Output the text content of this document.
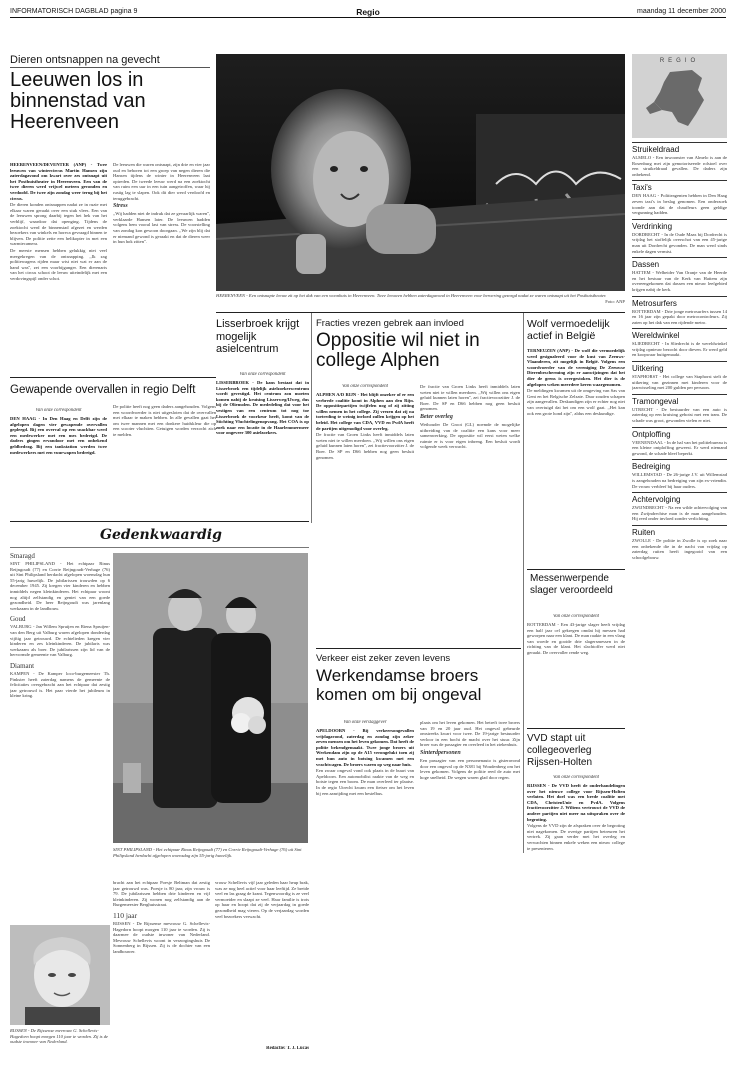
INFORMATORISCH DAGBLAD pagina 9	Regio	maandag 11 december 2000
Dieren ontsnappen na gevecht
Leeuwen los in binnenstad van Heerenveen

HEERENVEEN/DEVENTER (ANP) - Twee leeuwen van wintercircus Martin Hansen zijn zaterdagavond om kwart over zes ontsnapt uit het Posthuistheater in Heerenveen. Een van de twee dieren werd vrijwel meteen gevonden en verdoofd. De twee zijn zondag weer terug bij het circus.

De dieren konden ontsnappen nadat ze in ruzie met elkaar waren geraakt over een stuk vlees. Een van de leeuwen sprong daarbij tegen het hek van het verblijf, waardoor dat openging. Tijdens de zoektocht werd de binnenstad afgezet en werden bezoekers van winkels en horeca gevraagd binnen te blijven. De politie zette een helikopter in met een warmtecamera.

De meeste mensen hebben gelukkig niet veel meegekregen van de ontsnapping. ,,Ik zag politiewagens rijden maar wist niet wat er aan de hand was'', zei een voorbijganger. Een dierenarts van het circus schoot de leeuw uiteindelijk met een verdovingspijl onder schot.

De leeuwen die waren ontsnapt, zijn drie en vier jaar oud en behoren tot een groep van negen dieren die Hansen tijdens de winter in Heerenveen laat optreden. De tweede leeuw werd na een zoektocht van ruim een uur in een tuin aangetroffen, waar hij rustig lag te slapen. Ook dit dier werd verdoofd en teruggebracht.

Stress

,,Wij hadden niet de indruk dat ze gevaarlijk waren'', verklaarde Hansen later. De leeuwen hadden volgens hem vooral last van stress. De voorstelling van zondag kon gewoon doorgaan. ,,We zijn blij dat er niemand gewond is geraakt en dat de dieren weer in hun hok zitten''.

HEERENVEEN - Een ontsnapte leeuw zit op het dak van een woonhuis in Heerenveen. Twee leeuwen hebben zaterdagavond in Heerenveen voor beroering gezorgd nadat ze waren ontsnapt uit het Posthuistheater.
Foto: ANP
Gewapende overvallen in regio Delft
Van onze correspondent

DEN HAAG - In Den Haag en Delft zijn de afgelopen dagen vier gewapende overvallen gepleegd. Bij een overval op een snackbar werd een medewerker met een mes bedreigd. De daders gingen ervandoor met een onbekend geldbedrag. Bij een tankstation werden twee medewerkers met een vuurwapen bedreigd.

De politie heeft nog geen daders aangehouden. Volgens een woordvoerder is niet uitgesloten dat de overvallen met elkaar te maken hebben. In alle gevallen gaat het om twee mannen met een donkere huidskleur die op een scooter vluchtten. Getuigen worden verzocht zich te melden.

Gedenkwaardig

Smaragd

SINT PHILIPSLAND - Het echtpaar Rinus Reijngoudt (77) en Corrie Reijngoudt-Verhage (76) uit Sint Philipsland herdacht afgelopen woensdag hun 55-jarig huwelijk. De jubilarissen trouwden op 6 december 1945. Zij kregen vier kinderen en hebben inmiddels negen kleinkinderen. Het echtpaar woont nog altijd zelfstandig en geniet van een goede gezondheid. De heer Reijngoudt was jarenlang werkzaam in de landbouw.

Goud

VALBURG - Jan Willem Spruijen en Riena Spruijen-van den Berg uit Valburg waren afgelopen donderdag vijftig jaar getrouwd. De echtelieden kregen vier kinderen en zes kleinkinderen. De jubilaris was werkzaam als boer. De jubilarissen zijn lid van de hervormde gemeente van Valburg.

Diamant

KAMPEN - De Kamper loco-burgemeester Th. Pinkster heeft zaterdag namens de gemeente de felicitaties overgebracht aan het echtpaar dat zestig jaar getrouwd is. Het paar vierde het jubileum in kleine kring.

SINT PHILIPSLAND - Het echtpaar Rinus Reijngoudt (77) en Corrie Reijngoudt-Verhage (76) uit Sint Philipsland herdacht afgelopen woensdag zijn 55-jarig huwelijk.

bracht aan het echtpaar Poesje Beltman dat zestig jaar getrouwd was. Poesje is 80 jaar, zijn vrouw is 79. De jubilarissen hebben drie kinderen en vijf kleinkinderen. Zij wonen nog zelfstandig aan de Burgemeester Berghuisstraat.

110 jaar

RIJSSEN - De Rijssense mevrouw G. Schellevis-Hagedorn hoopt morgen 110 jaar te worden. Zij is daarmee de oudste inwoner van Nederland. Mevrouw Schellevis woont in verzorgingshuis De Sonnenberg in Rijssen. Zij is de dochter van een landbouwer.

vrouw Schellevis vijf jaar geleden haar heup brak, was ze nog heel actief voor haar leeftijd. Ze breide veel en las graag de krant. Tegenwoordig is ze veel vermoeider en slaapt ze veel. Haar familie is trots op haar en hoopt dat zij de verjaardag in goede gezondheid mag vieren. Op de verjaardag worden veel bezoekers verwacht.

Redactie: T. J. Lucas
RIJSSEN - De Rijssense mevrouw G. Schellevis-Hagedorn hoopt morgen 110 jaar te worden. Zij is de oudste inwoner van Nederland.
Lisserbroek krijgt mogelijk asielcentrum
Van onze correspondent

LISSERBROEK - De kans bestaat dat in Lisserbroek een tijdelijk asielzoekerscentrum wordt gevestigd. Het centrum zou moeten komen nabij de kruising Lisserweg/IJweg, dus bij de Oliemolen. De mededeling dat voor het vestigen van een centrum tot nog toe Lisserbroek de voorkeur heeft, komt van de Stichting Vluchtelingenopvang. Het COA is op zoek naar een locatie in de Haarlemmermeer voor ongeveer 300 asielzoekers.

Fracties vrezen gebrek aan invloed
Oppositie wil niet in college Alphen
Van onze correspondent

ALPHEN A/D RIJN - Het blijft onzeker of er een verbrede coalitie komt in Alphen aan den Rijn. De oppositiepartijen twijfelen nog of zij zitting willen nemen in het college. Zij vrezen dat zij na toetreding te weinig invloed zullen krijgen op het beleid. Het college van CDA, VVD en PvdA heeft de partijen uitgenodigd voor overleg.

De fractie van Groen Links heeft inmiddels laten weten niet te willen meedoen. ,,Wij willen ons eigen geluid kunnen laten horen'', zei fractievoorzitter J. de Boer. De SP en D66 hebben nog geen besluit genomen.

De fractie van Groen Links heeft inmiddels laten weten niet te willen meedoen. ,,Wij willen ons eigen geluid kunnen laten horen'', zei fractievoorzitter J. de Boer. De SP en D66 hebben nog geen besluit genomen.

Beter overleg

Wethouder De Groot (GL) noemde de mogelijke uitbreiding van de coalitie een kans voor meer samenwerking. De oppositie wil eerst weten welke ruimte er is voor eigen inbreng. Een besluit wordt volgende week verwacht.

Wolf vermoedelijk actief in België

TERNEUZEN (ANP) - De wolf die vermoedelijk werd gesignaleerd voor de kust van Zeeuws-Vlaanderen, zit mogelijk in België. Volgens een woordvoerder van de vereniging De Zeeuwse Dierenbescherming zijn er aanwijzingen dat het dier de grens is overgestoken. Het dier is de afgelopen weken meerdere keren waargenomen.

De meldingen kwamen uit de omgeving van Sas van Gent en het Belgische Zelzate. Daar zouden schapen zijn aangevallen. Deskundigen zijn er echter nog niet van overtuigd dat het om een wolf gaat. ,,Het kan ook een grote hond zijn'', aldus een deskundige.

Messenwerpende slager veroordeeld
Van onze correspondent

ROTTERDAM - Een 43-jarige slager heeft vrijdag een half jaar cel gekregen omdat hij messen had geworpen naar een klant. De man raakte in een vlaag van woede en gooide drie slagersmessen in de richting van de klant. Het slachtoffer werd niet geraakt. De overvaller rende weg.

Verkeer eist zeker zeven levens
Werkendamse broers komen om bij ongeval
Van onze verslaggever

APELDOORN - Bij verkeersongevallen vrijdagavond, zaterdag en zondag zijn zeker zeven mensen om het leven gekomen. Dat heeft de politie bekendgemaakt. Twee jonge broers uit Werkendam zijn op de A15 verongelukt toen zij met hun auto in botsing kwamen met een vrachtwagen. De broers waren op weg naar huis.

Een zwaar ongeval vond ook plaats in de buurt van Apeldoorn. Een automobilist raakte van de weg en botste tegen een boom. De man overleed ter plaatse. In de regio Utrecht kwam een fietser om het leven bij een aanrijding met een bestelbus.

plaats om het leven gekomen. Het betreft twee broers van 19 en 20 jaar oud. Het ongeval gebeurde omstreeks kwart voor twee. De 19-jarige bestuurder verloor in een bocht de macht over het stuur. Zijn broer was de passagier en overleed in het ziekenhuis.

Sinterdpersonen

Een passagier van een personenauto is gisteravond door een ongeval op de N381 bij Woudenberg om het leven gekomen. Volgens de politie reed de auto met hoge snelheid. De wegen waren glad door regen.

VVD stapt uit collegeoverleg Rijssen-Holten
Van onze correspondent

RIJSSEN - De VVD heeft de onderhandelingen over het nieuwe college voor Rijssen-Holten verlaten. Het doel was een brede coalitie met CDA, ChristenUnie en PvdA. Volgens fractievoorzitter J. Wiltens vertrouwt de VVD de andere partijen niet meer na uitspraken over de begroting.

Volgens de VVD zijn de afspraken over de begroting niet nagekomen. De overige partijen betreuren het vertrek. Zij gaan verder met het overleg en verwachten binnen enkele weken een nieuw college te presenteren.

REGIO
Struikeldraad
ALMELO - Een inwoonster van Almelo is aan de Rosenburg met zijn gemotoriseerde rolstoel over een struikeldraad gevallen. De daders zijn onbekend.
Taxi's
DEN HAAG - Politieagenten hebben in Den Haag zeven taxi's in beslag genomen. Een onderzoek toonde aan dat de chauffeurs geen geldige vergunning hadden.
Verdrinking
DORDRECHT - In de Oude Maas bij Dordrecht is vrijdag het stoffelijk overschot van een 45-jarige man uit Dordrecht gevonden. De man werd sinds enkele dagen vermist.
Dassen
HATTEM - Welbeider Van Oranje van de Heerde en het bestuur van de Kerk van Hattem zijn overeengekomen dat dassen een nieuw leefgebied krijgen nabij de kerk.
Metrosurfers
ROTTERDAM - Drie jonge metrosurfers tussen 14 en 16 jaar zijn gepakt door metrocontroleurs. Zij zaten op het dak van een rijdende metro.
Wereldwinkel
SLIEDRECHT - In Sliedrecht is de wereldwinkel vrijdag opnieuw bezocht door dieven. Er werd geld en koopwaar buitgemaakt.
Uitkering
STAPHORST - Het college van Staphorst stelt de uitkering van gezinnen met kinderen voor de jaarwisseling met 200 gulden per persoon.
Tramongeval
UTRECHT - De bestuurder van een auto is zaterdag op een kruising gebotst met een tram. De schade was groot, gewonden vielen er niet.
Ontploffing
VEENENDAAL - In de hal van het politiebureau is een kleine ontploffing geweest. Er werd niemand gewond, de schade bleef beperkt.
Bedreiging
WILLEMSTAD - De 26-jarige J.V. uit Willemstad is aangehouden na bedreiging van zijn ex-vriendin. De vrouw verbleef bij haar ouders.
Achtervolging
ZWIJNDRECHT - Na een wilde achtervolging van een Zwijndrechtse man is de man aangehouden. Hij reed onder invloed zonder verlichting.
Ruiten
ZWOLLE - De politie in Zwolle is op zoek naar een onbekende die in de nacht van vrijdag op zaterdag ruiten heeft ingegooid van een schoolgebouw.
